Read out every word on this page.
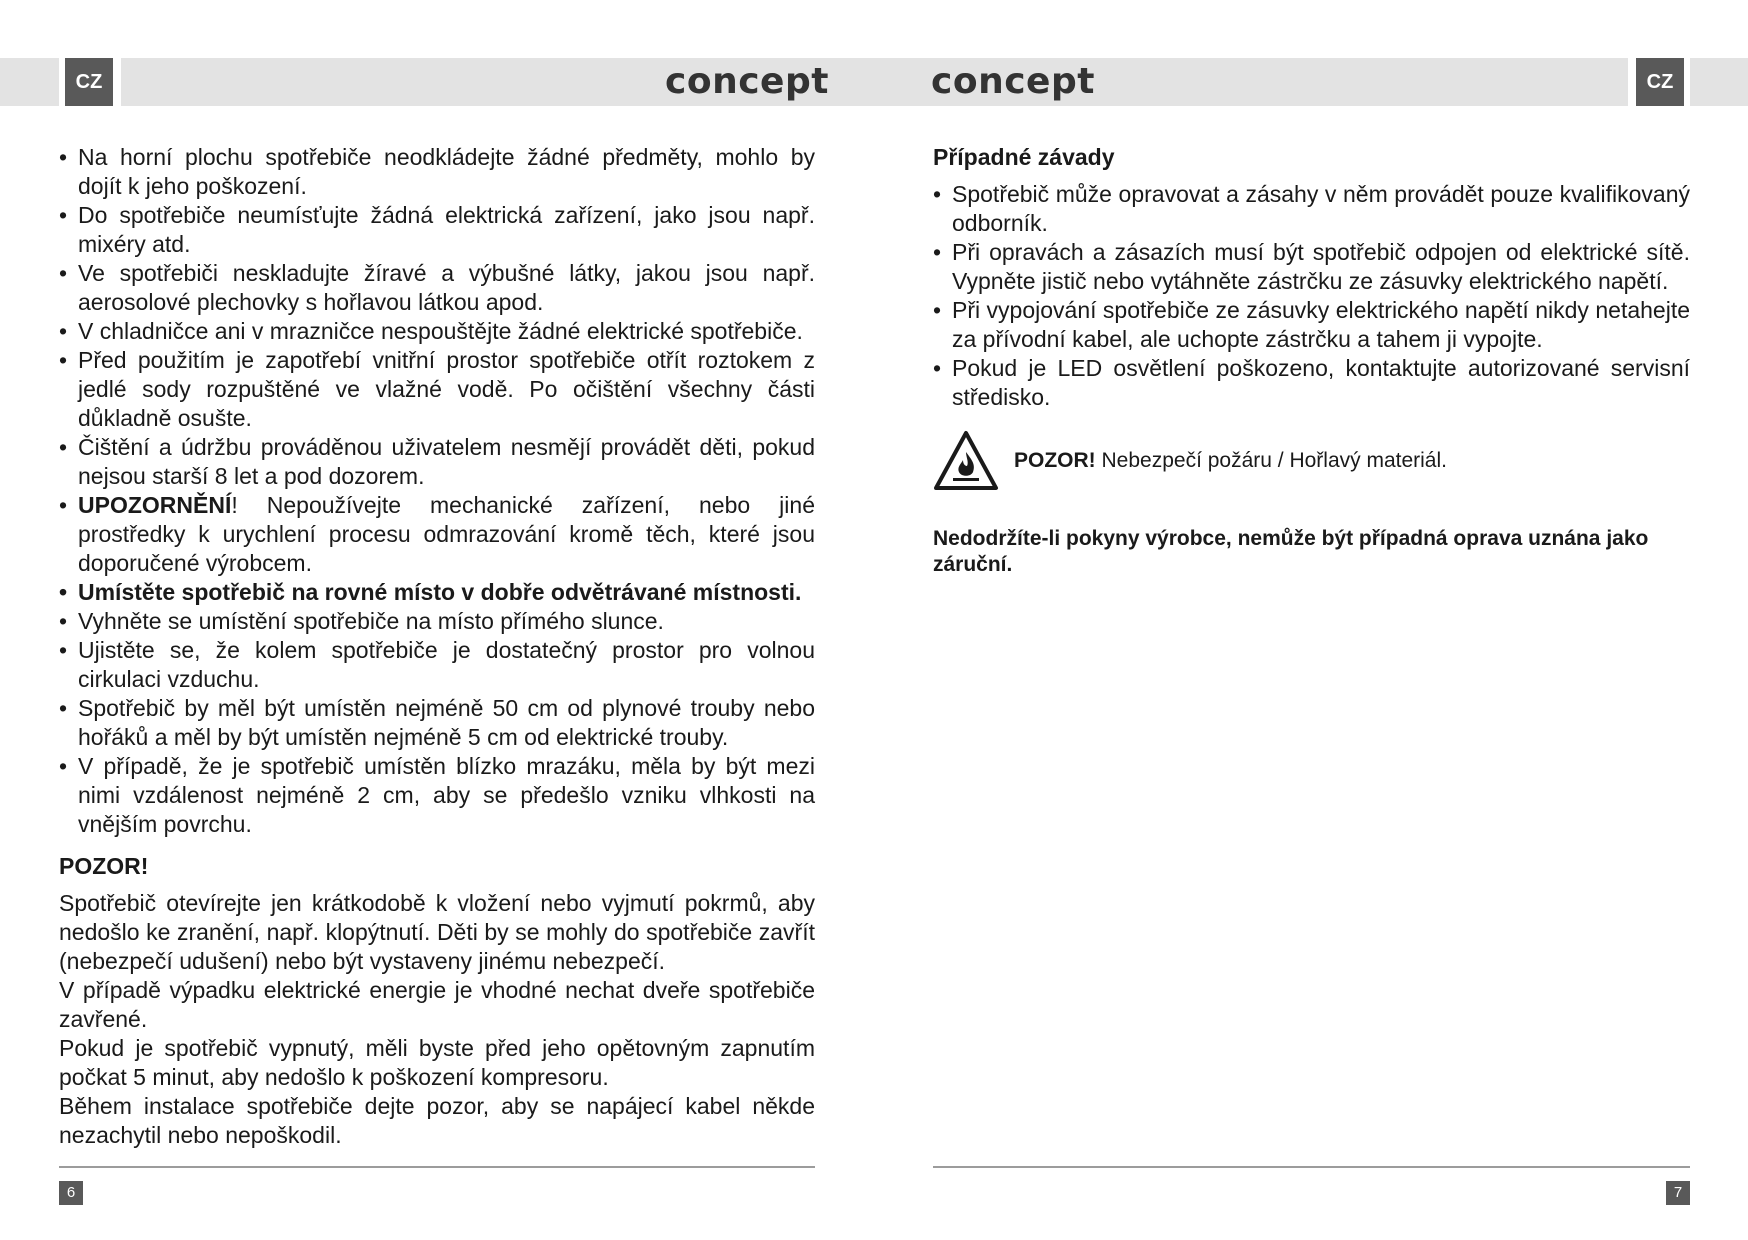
CZ	CZ
concept	concept
• Na horní plochu spotřebiče neodkládejte žádné předměty, mohlo by dojít k jeho poškození.
• Do spotřebiče neumísťujte žádná elektrická zařízení, jako jsou např. mixéry atd.
• Ve spotřebiči neskladujte žíravé a výbušné látky, jakou jsou např. aerosolové plechovky s hořlavou látkou apod.
• V chladničce ani v mrazničce nespouštějte žádné elektrické spotřebiče.
• Před použitím je zapotřebí vnitřní prostor spotřebiče otřít roztokem z jedlé sody rozpuštěné ve vlažné vodě. Po očištění všechny části důkladně osušte.
• Čištění a údržbu prováděnou uživatelem nesmějí provádět děti, pokud nejsou starší 8 let a pod dozorem.
• UPOZORNĚNÍ! Nepoužívejte mechanické zařízení, nebo jiné prostředky k urychlení procesu odmrazování kromě těch, které jsou doporučené výrobcem.
• Umístěte spotřebič na rovné místo v dobře odvětrávané místnosti.
• Vyhněte se umístění spotřebiče na místo přímého slunce.
• Ujistěte se, že kolem spotřebiče je dostatečný prostor pro volnou cirkulaci vzduchu.
• Spotřebič by měl být umístěn nejméně 50 cm od plynové trouby nebo hořáků a měl by být umístěn nejméně 5 cm od elektrické trouby.
• V případě, že je spotřebič umístěn blízko mrazáku, měla by být mezi nimi vzdálenost nejméně 2 cm, aby se předešlo vzniku vlhkosti na vnějším povrchu.
POZOR!

Spotřebič otevírejte jen krátkodobě k vložení nebo vyjmutí pokrmů, aby nedošlo ke zranění, např. klopýtnutí. Děti by se mohly do spotřebiče zavřít (nebezpečí udušení) nebo být vystaveny jinému nebezpečí.

V případě výpadku elektrické energie je vhodné nechat dveře spotřebiče zavřené.

Pokud je spotřebič vypnutý, měli byste před jeho opětovným zapnutím počkat 5 minut, aby nedošlo k poškození kompresoru.

Během instalace spotřebiče dejte pozor, aby se napájecí kabel někde nezachytil nebo nepoškodil.

Případné závady
• Spotřebič může opravovat a zásahy v něm provádět pouze kvalifikovaný odborník.
• Při opravách a zásazích musí být spotřebič odpojen od elektrické sítě. Vypněte jistič nebo vytáhněte zástrčku ze zásuvky elektrického napětí.
• Při vypojování spotřebiče ze zásuvky elektrického napětí nikdy netahejte za přívodní kabel, ale uchopte zástrčku a tahem ji vypojte.
• Pokud je LED osvětlení poškozeno, kontaktujte autorizované servisní středisko.
POZOR! Nebezpečí požáru / Hořlavý materiál.
Nedodržíte-li pokyny výrobce, nemůže být případná oprava uznána jako záruční.
6	7
